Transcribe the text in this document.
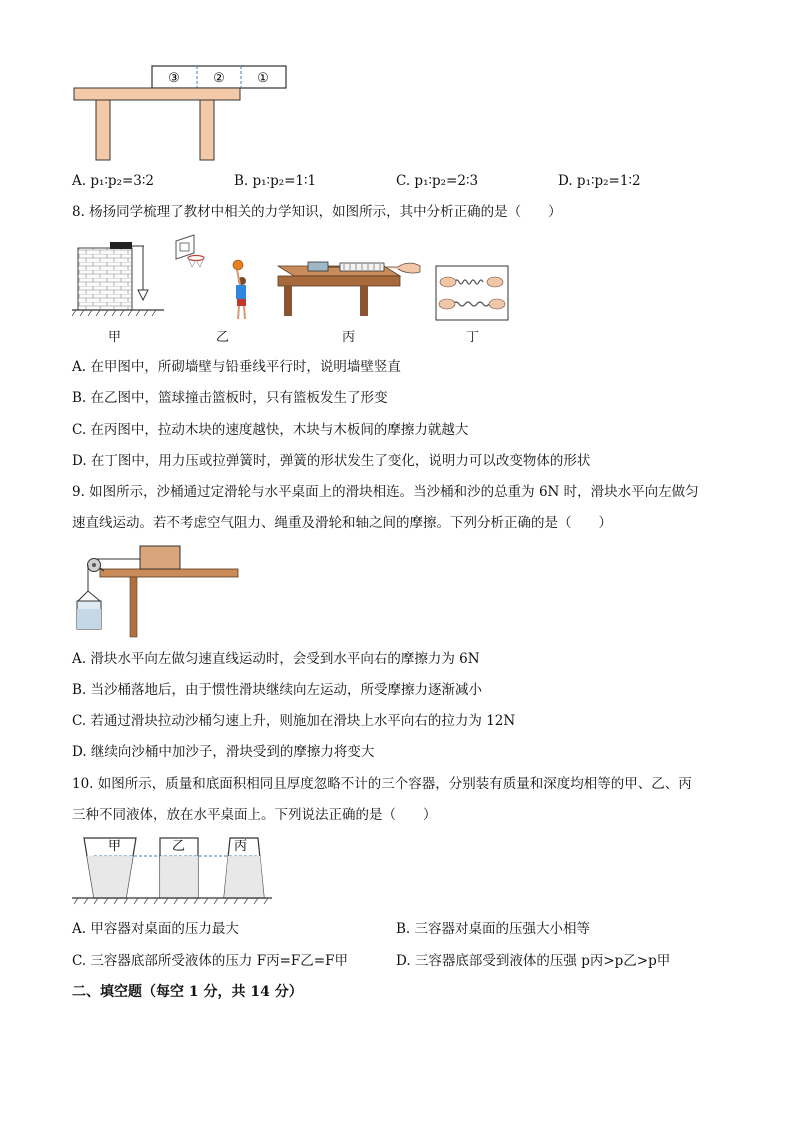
③	② ①
A. p₁∶p₂=3∶2	B. p₁∶p₂=1∶1	C. p₁∶p₂=2∶3	D. p₁∶p₂=1∶2
8. 杨扬同学梳理了教材中相关的力学知识，如图所示，其中分析正确的是（　　）
甲	乙	丙	丁
A. 在甲图中，所砌墙壁与铅垂线平行时，说明墙壁竖直
B. 在乙图中，篮球撞击篮板时，只有篮板发生了形变
C. 在丙图中，拉动木块的速度越快，木块与木板间的摩擦力就越大
D. 在丁图中，用力压或拉弹簧时，弹簧的形状发生了变化，说明力可以改变物体的形状
9. 如图所示，沙桶通过定滑轮与水平桌面上的滑块相连。当沙桶和沙的总重为 6N 时，滑块水平向左做匀
速直线运动。若不考虑空气阻力、绳重及滑轮和轴之间的摩擦。下列分析正确的是（　　）
A. 滑块水平向左做匀速直线运动时，会受到水平向右的摩擦力为 6N
B. 当沙桶落地后，由于惯性滑块继续向左运动，所受摩擦力逐渐减小
C. 若通过滑块拉动沙桶匀速上升，则施加在滑块上水平向右的拉力为 12N
D. 继续向沙桶中加沙子，滑块受到的摩擦力将变大
10. 如图所示，质量和底面积相同且厚度忽略不计的三个容器，分别装有质量和深度均相等的甲、乙、丙
三种不同液体，放在水平桌面上。下列说法正确的是（　　）
甲	乙	丙
A. 甲容器对桌面的压力最大	B. 三容器对桌面的压强大小相等
C. 三容器底部所受液体的压力 F丙=F乙=F甲	D. 三容器底部受到液体的压强 p丙>p乙>p甲
二、填空题（每空 1 分，共 14 分）
